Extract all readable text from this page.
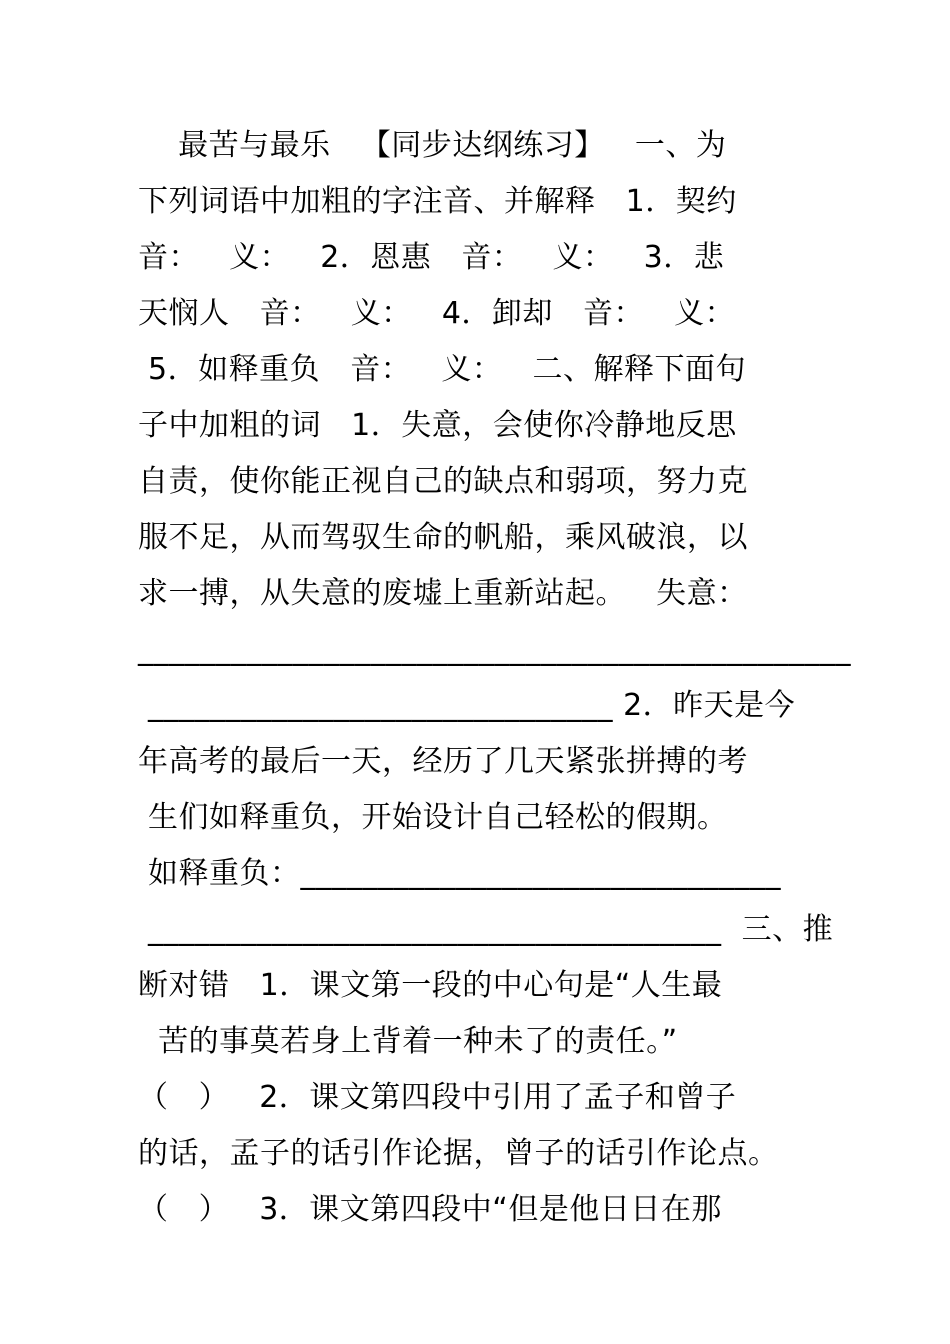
最苦与最乐   【同步达纲练习】   一、为
下列词语中加粗的字注音、并解释   1．契约
音：   义：   2．恩惠   音：   义：   3．悲
天悯人   音：   义：   4．卸却   音：   义：
5．如释重负   音：   义：   二、解释下面句
子中加粗的词   1．失意，会使你冷静地反思
自责，使你能正视自己的缺点和弱项，努力克
服不足，从而驾驭生命的帆船，乘风破浪，以
求一搏，从失意的废墟上重新站起。   失意：
______________________________________________
______________________________ 2．昨天是今
年高考的最后一天，经历了几天紧张拼搏的考
生们如释重负，开始设计自己轻松的假期。
如释重负：_______________________________
_____________________________________  三、推
断对错   1．课文第一段的中心句是“人生最
苦的事莫若身上背着一种未了的责任。”
（   ）   2．课文第四段中引用了孟子和曾子
的话，孟子的话引作论据，曾子的话引作论点。
（   ）   3．课文第四段中“但是他日日在那
